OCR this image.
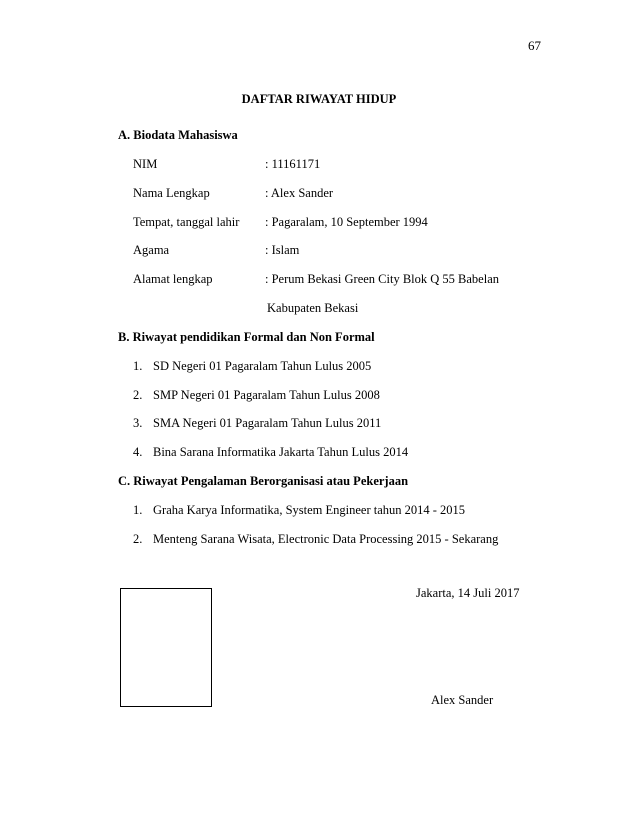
67
DAFTAR RIWAYAT HIDUP
A. Biodata Mahasiswa
NIM	: 11161171
Nama Lengkap	: Alex Sander
Tempat, tanggal lahir : Pagaralam, 10 September 1994
Agama	: Islam
Alamat lengkap	: Perum Bekasi Green City Blok Q 55 Babelan
Kabupaten Bekasi
B. Riwayat pendidikan Formal dan Non Formal
1. SD Negeri 01 Pagaralam Tahun Lulus 2005
2. SMP Negeri 01 Pagaralam Tahun Lulus 2008
3. SMA Negeri 01 Pagaralam Tahun Lulus 2011
4. Bina Sarana Informatika Jakarta Tahun Lulus 2014
C. Riwayat Pengalaman Berorganisasi atau Pekerjaan
1. Graha Karya Informatika, System Engineer tahun 2014 - 2015
2. Menteng Sarana Wisata, Electronic Data Processing 2015 - Sekarang
Jakarta, 14 Juli 2017
Alex Sander
